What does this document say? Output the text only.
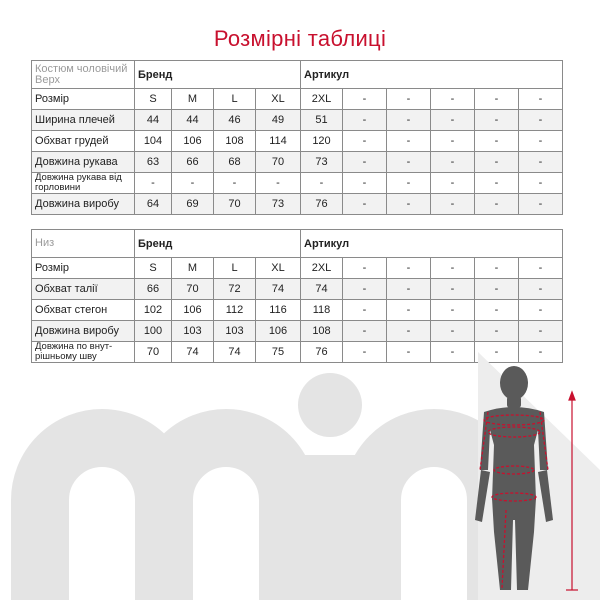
Розмірні таблиці
Костюм чоловічий Верх	Бренд				Артикул					
Розмір	S	M	L	XL	2XL	-	-	-	-	-
Ширина плечей	44	44	46	49	51	-	-	-	-	-
Обхват грудей	104	106	108	114	120	-	-	-	-	-
Довжина рукава	63	66	68	70	73	-	-	-	-	-
Довжина рукава від горловини	-	-	-	-	-	-	-	-	-	-
Довжина виробу	64	69	70	73	76	-	-	-	-	-
Низ	Бренд				Артикул					
Розмір	S	M	L	XL	2XL	-	-	-	-	-
Обхват талії	66	70	72	74	74	-	-	-	-	-
Обхват стегон	102	106	112	116	118	-	-	-	-	-
Довжина виробу	100	103	103	106	108	-	-	-	-	-
Довжина по внут-рішньому шву	70	74	74	75	76	-	-	-	-	-
